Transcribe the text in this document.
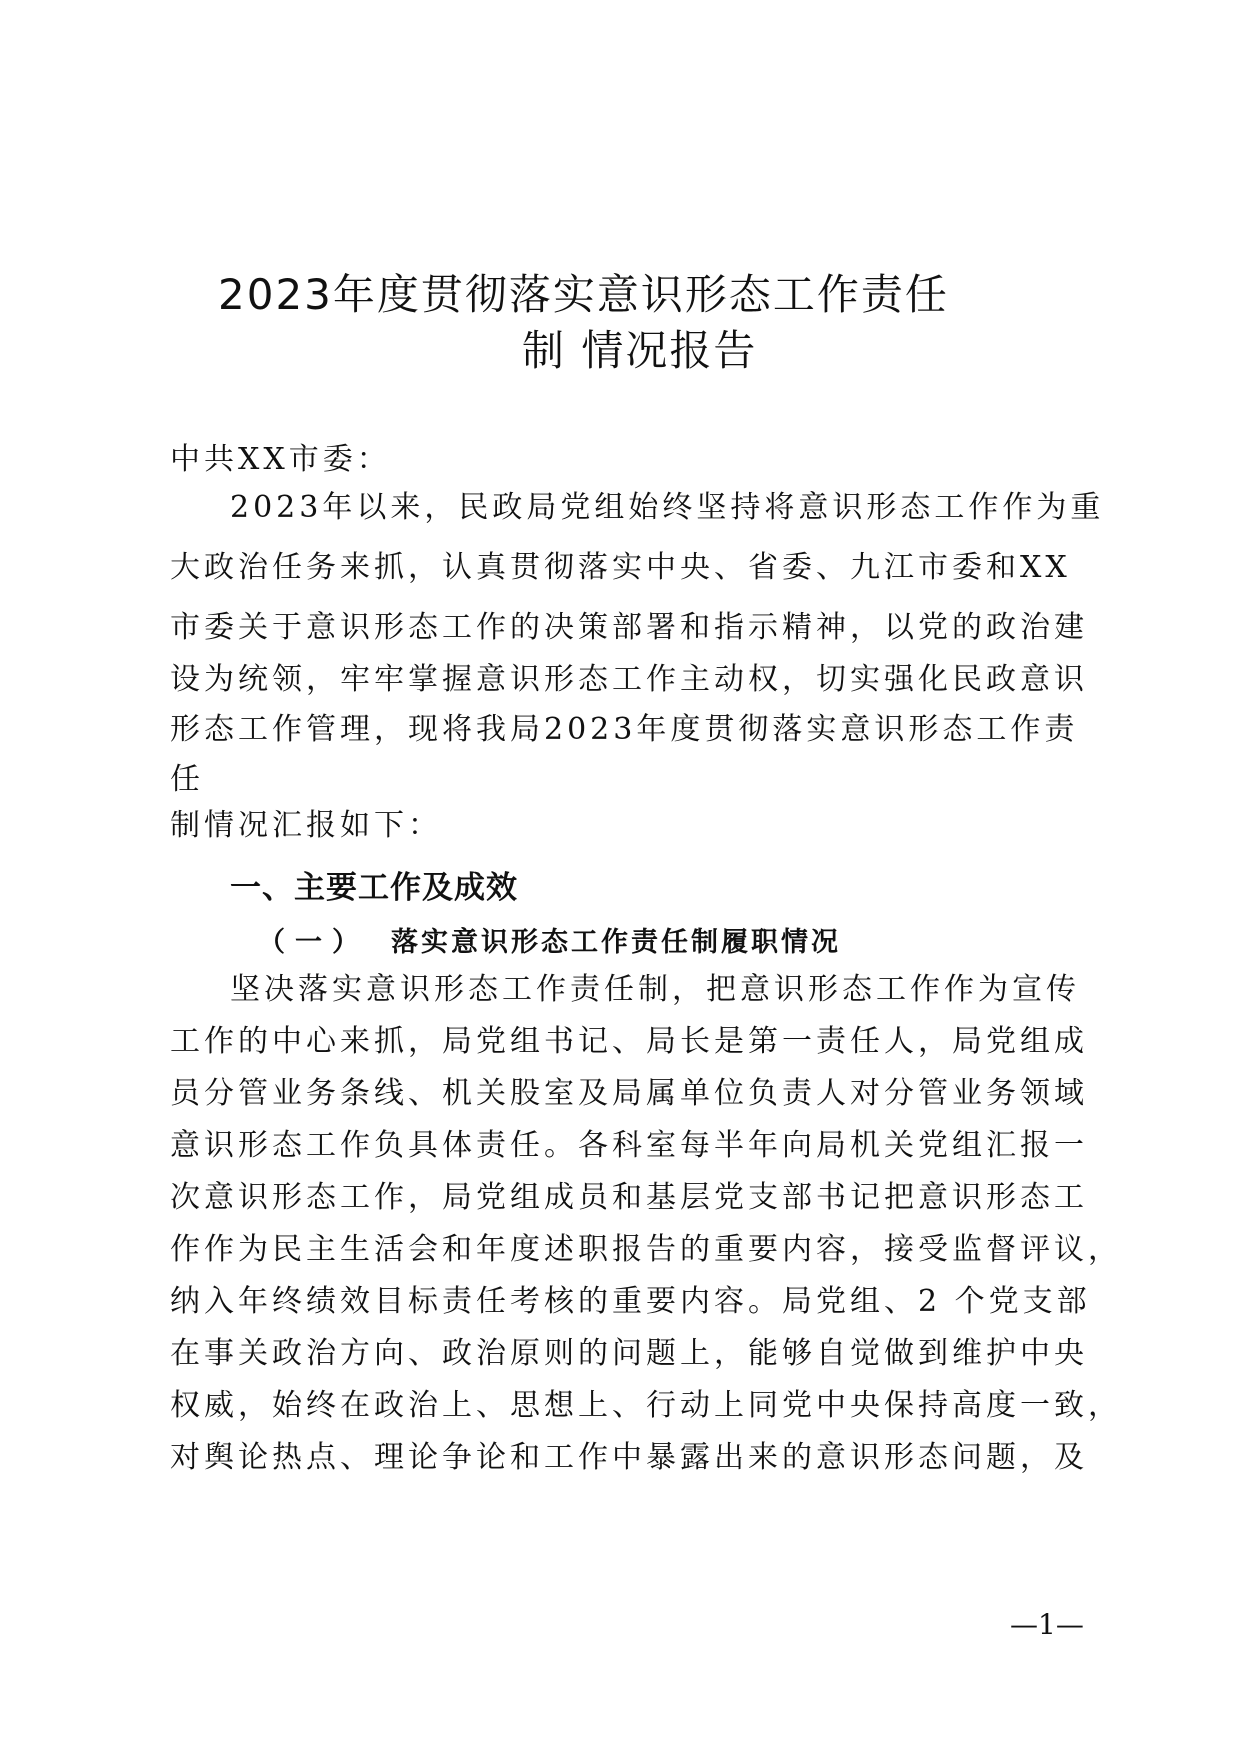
2023年度贯彻落实意识形态工作责任
制 情况报告
中共XX市委：
2023年以来，民政局党组始终坚持将意识形态工作作为重
大政治任务来抓，认真贯彻落实中央、省委、九江市委和XX
市委关于意识形态工作的决策部署和指示精神，以党的政治建
设为统领，牢牢掌握意识形态工作主动权，切实强化民政意识
形态工作管理，现将我局2023年度贯彻落实意识形态工作责
任
制情况汇报如下：
一、主要工作及成效
（一） 落实意识形态工作责任制履职情况
坚决落实意识形态工作责任制，把意识形态工作作为宣传
工作的中心来抓，局党组书记、局长是第一责任人，局党组成
员分管业务条线、机关股室及局属单位负责人对分管业务领域
意识形态工作负具体责任。各科室每半年向局机关党组汇报一
次意识形态工作，局党组成员和基层党支部书记把意识形态工
作作为民主生活会和年度述职报告的重要内容，接受监督评议，
纳入年终绩效目标责任考核的重要内容。局党组、2 个党支部
在事关政治方向、政治原则的问题上，能够自觉做到维护中央
权威，始终在政治上、思想上、行动上同党中央保持高度一致，
对舆论热点、理论争论和工作中暴露出来的意识形态问题，及
—1—
